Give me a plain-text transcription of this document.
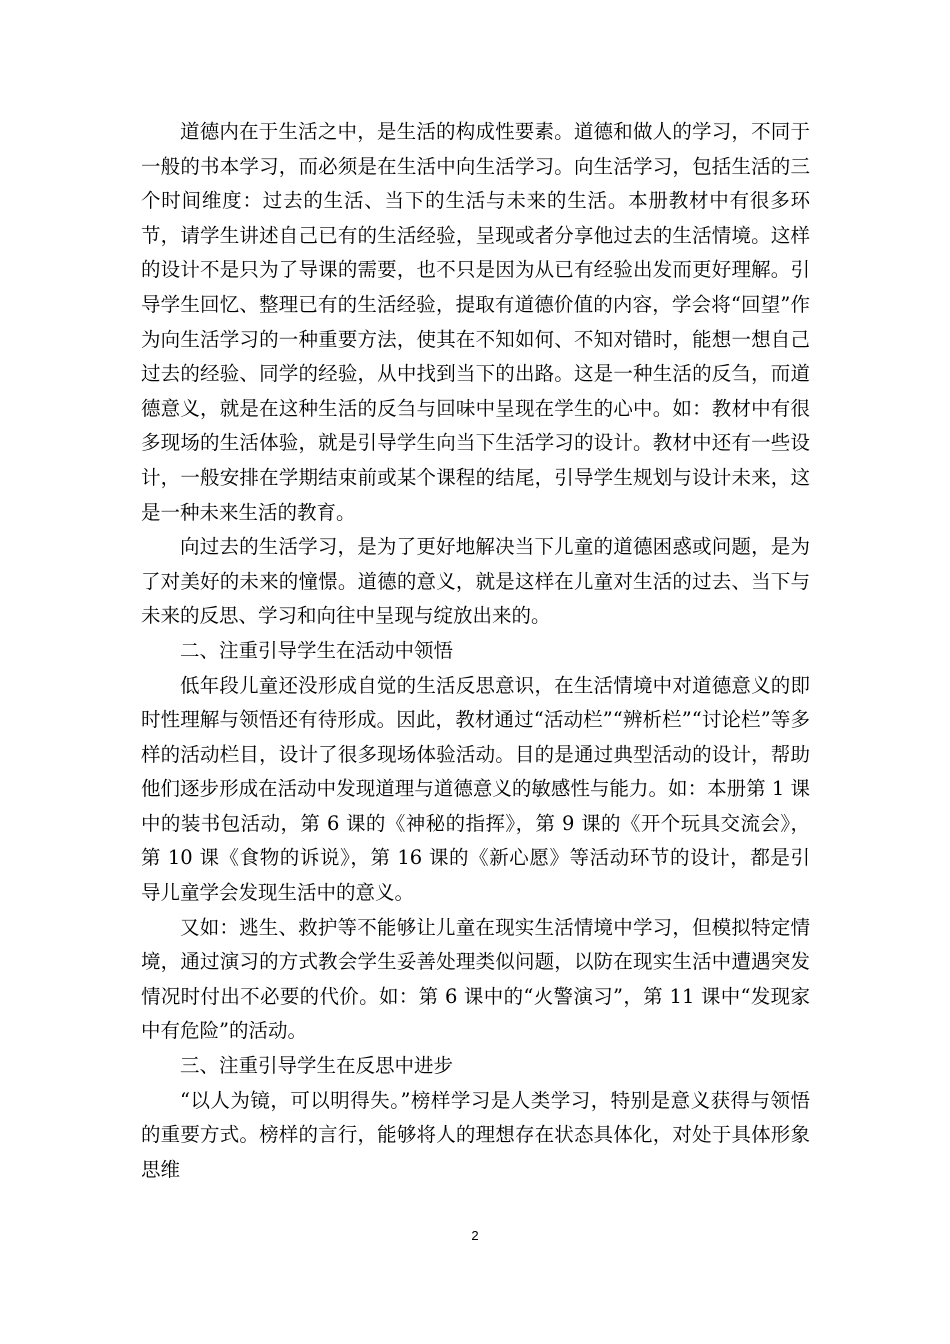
道德内在于生活之中，是生活的构成性要素。道德和做人的学习，不同于一般的书本学习，而必须是在生活中向生活学习。向生活学习，包括生活的三个时间维度：过去的生活、当下的生活与未来的生活。本册教材中有很多环节，请学生讲述自己已有的生活经验，呈现或者分享他过去的生活情境。这样的设计不是只为了导课的需要，也不只是因为从已有经验出发而更好理解。引导学生回忆、整理已有的生活经验，提取有道德价值的内容，学会将“回望”作为向生活学习的一种重要方法，使其在不知如何、不知对错时，能想一想自己过去的经验、同学的经验，从中找到当下的出路。这是一种生活的反刍，而道德意义，就是在这种生活的反刍与回味中呈现在学生的心中。如：教材中有很多现场的生活体验，就是引导学生向当下生活学习的设计。教材中还有一些设计，一般安排在学期结束前或某个课程的结尾，引导学生规划与设计未来，这是一种未来生活的教育。

向过去的生活学习，是为了更好地解决当下儿童的道德困惑或问题，是为了对美好的未来的憧憬。道德的意义，就是这样在儿童对生活的过去、当下与未来的反思、学习和向往中呈现与绽放出来的。

二、注重引导学生在活动中领悟

低年段儿童还没形成自觉的生活反思意识，在生活情境中对道德意义的即时性理解与领悟还有待形成。因此，教材通过“活动栏”“辨析栏”“讨论栏”等多样的活动栏目，设计了很多现场体验活动。目的是通过典型活动的设计，帮助他们逐步形成在活动中发现道理与道德意义的敏感性与能力。如：本册第 1 课中的装书包活动，第 6 课的《神秘的指挥》，第 9 课的《开个玩具交流会》，第 10 课《食物的诉说》，第 16 课的《新心愿》等活动环节的设计，都是引导儿童学会发现生活中的意义。

又如：逃生、救护等不能够让儿童在现实生活情境中学习，但模拟特定情境，通过演习的方式教会学生妥善处理类似问题，以防在现实生活中遭遇突发情况时付出不必要的代价。如：第 6 课中的“火警演习”，第 11 课中“发现家中有危险”的活动。

三、注重引导学生在反思中进步

“以人为镜，可以明得失。”榜样学习是人类学习，特别是意义获得与领悟的重要方式。榜样的言行，能够将人的理想存在状态具体化，对处于具体形象思维

2
